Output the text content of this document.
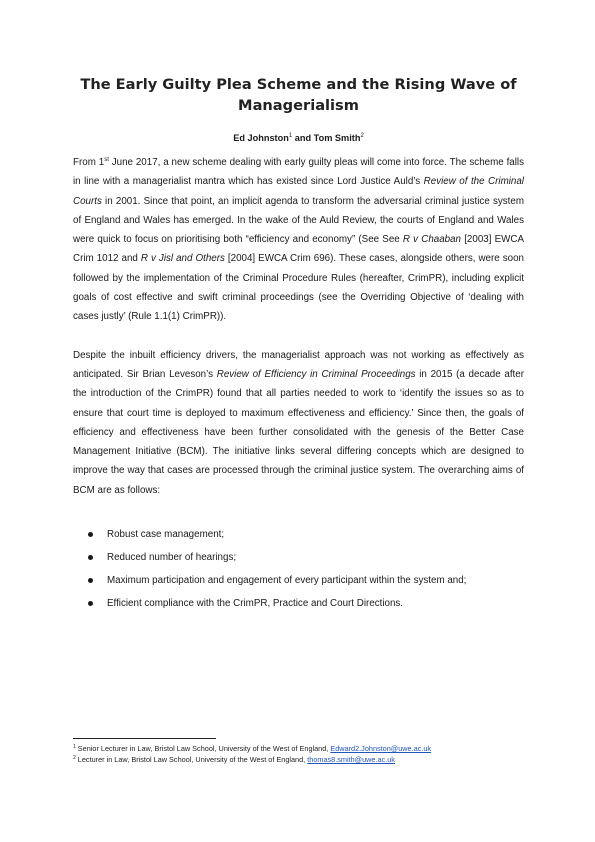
The Early Guilty Plea Scheme and the Rising Wave of Managerialism
Ed Johnston$^1$ and Tom Smith$^2$

From 1st June 2017, a new scheme dealing with early guilty pleas will come into force. The scheme falls in line with a managerialist mantra which has existed since Lord Justice Auld’s Review of the Criminal Courts in 2001. Since that point, an implicit agenda to transform the adversarial criminal justice system of England and Wales has emerged. In the wake of the Auld Review, the courts of England and Wales were quick to focus on prioritising both “efficiency and economy” (See See R v Chaaban [2003] EWCA Crim 1012 and R v Jisl and Others [2004] EWCA Crim 696). These cases, alongside others, were soon followed by the implementation of the Criminal Procedure Rules (hereafter, CrimPR), including explicit goals of cost effective and swift criminal proceedings (see the Overriding Objective of ‘dealing with cases justly’ (Rule 1.1(1) CrimPR)).

Despite the inbuilt efficiency drivers, the managerialist approach was not working as effectively as anticipated. Sir Brian Leveson’s Review of Efficiency in Criminal Proceedings in 2015 (a decade after the introduction of the CrimPR) found that all parties needed to work to ‘identify the issues so as to ensure that court time is deployed to maximum effectiveness and efficiency.’ Since then, the goals of efficiency and effectiveness have been further consolidated with the genesis of the Better Case Management Initiative (BCM). The initiative links several differing concepts which are designed to improve the way that cases are processed through the criminal justice system. The overarching aims of BCM are as follows:

Robust case management;
Reduced number of hearings;
Maximum participation and engagement of every participant within the system and;
Efficient compliance with the CrimPR, Practice and Court Directions.
$^1$ Senior Lecturer in Law, Bristol Law School, University of the West of England, Edward2.Johnston@uwe.ac.uk
$^2$ Lecturer in Law, Bristol Law School, University of the West of England, thomas8.smith@uwe.ac.uk
